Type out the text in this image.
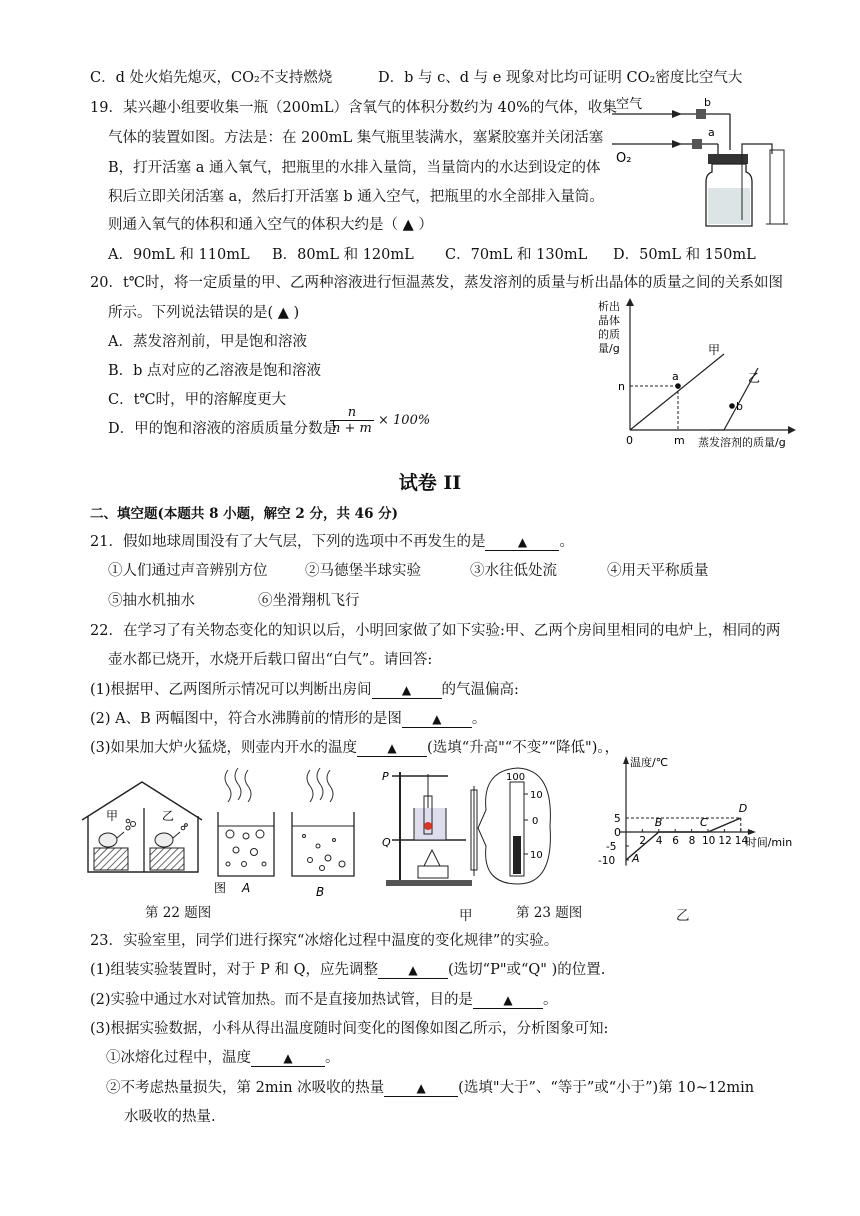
C．d 处火焰先熄灭，CO₂不支持燃烧	D．b 与 c、d 与 e 现象对比均可证明 CO₂密度比空气大
19．某兴趣小组要收集一瓶（200mL）含氧气的体积分数约为 40%的气体，收集
气体的装置如图。方法是：在 200mL 集气瓶里装满水，塞紧胶塞并关闭活塞
B，打开活塞 a 通入氧气，把瓶里的水排入量筒，当量筒内的水达到设定的体
积后立即关闭活塞 a，然后打开活塞 b 通入空气，把瓶里的水全部排入量筒。
则通入氧气的体积和通入空气的体积大约是（ ▲ ）
A．90mL 和 110mL B．80mL 和 120mL C．70mL 和 130mL D．50mL 和 150mL
空气
O₂
b
a
20．t℃时，将一定质量的甲、乙两种溶液进行恒温蒸发，蒸发溶剂的质量与析出晶体的质量之间的关系如图
所示。下列说法错误的是( ▲ )
A．蒸发溶剂前，甲是饱和溶液
B．b 点对应的乙溶液是饱和溶液
C．t℃时，甲的溶解度更大
D．甲的饱和溶液的溶质质量分数是
$\frac{n}{n + m} \times 100\%$
析出
晶体
的质
量/g
a
b
甲
乙
n
0	m 蒸发溶剂的质量/g
试卷 II
二、填空题(本题共 8 小题，解空 2 分，共 46 分)
21．假如地球周围没有了大气层，下列的选项中不再发生的是	▲ 。
①人们通过声音辨别方位	②马德堡半球实验	③水往低处流	④用天平称质量
⑤抽水机抽水	⑥坐滑翔机飞行
22．在学习了有关物态变化的知识以后，小明回家做了如下实验:甲、乙两个房间里相同的电炉上，相同的两
壶水都已烧开，水烧开后载口留出“白气”。请回答:
(1)根据甲、乙两图所示情况可以判断出房间	▲ 的气温偏高:
(2) A、B 两幅图中，符合水沸腾前的情形的是图	▲ 。
(3)如果加大炉火猛烧，则壶内开水的温度	▲ (选填“升高"“不变”“降低")。，
甲	乙
图 A	B
第 22 题图
P
Q
100
10
0
10
甲	第 23 题图	乙
2 4 6 8 10 12 14
5
-5
-10
温度/℃
时间/min
0
A
B	C
D
23．实验室里，同学们进行探究“冰熔化过程中温度的变化规律”的实验。
(1)组装实验装置时，对于 P 和 Q，应先调整	▲ (选切“P"或“Q" )的位置.
(2)实验中通过水对试管加热。而不是直接加热试管，目的是	▲ 。
(3)根据实验数据，小科从得出温度随时间变化的图像如图乙所示，分析图象可知:
①冰熔化过程中，温度	▲ 。
②不考虑热量损失，第 2min 冰吸收的热量	▲ (选填"大于”、“等于”或“小于”)第 10~12min
水吸收的热量.
